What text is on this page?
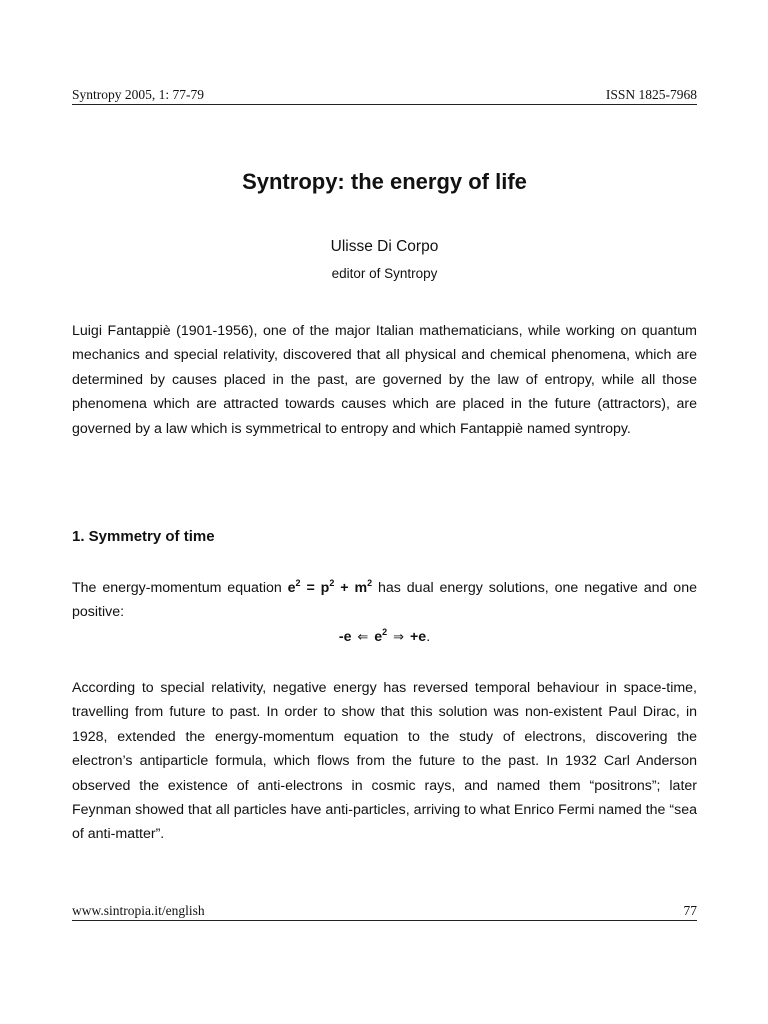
Syntropy 2005, 1: 77-79	ISSN 1825-7968
Syntropy: the energy of life
Ulisse Di Corpo
editor of Syntropy

Luigi Fantappiè (1901-1956), one of the major Italian mathematicians, while working on quantum mechanics and special relativity, discovered that all physical and chemical phenomena, which are determined by causes placed in the past, are governed by the law of entropy, while all those phenomena which are attracted towards causes which are placed in the future (attractors), are governed by a law which is symmetrical to entropy and which Fantappiè named syntropy.

1. Symmetry of time

The energy-momentum equation $e^2 = p^2 + m^2$ has dual energy solutions, one negative and one positive:

-e ⇐ $e^2$ ⇒ +e.

According to special relativity, negative energy has reversed temporal behaviour in space-time, travelling from future to past. In order to show that this solution was non-existent Paul Dirac, in 1928, extended the energy-momentum equation to the study of electrons, discovering the electron’s antiparticle formula, which flows from the future to the past. In 1932 Carl Anderson observed the existence of anti-electrons in cosmic rays, and named them “positrons”; later Feynman showed that all particles have anti-particles, arriving to what Enrico Fermi named the “sea of anti-matter”.

www.sintropia.it/english	77
